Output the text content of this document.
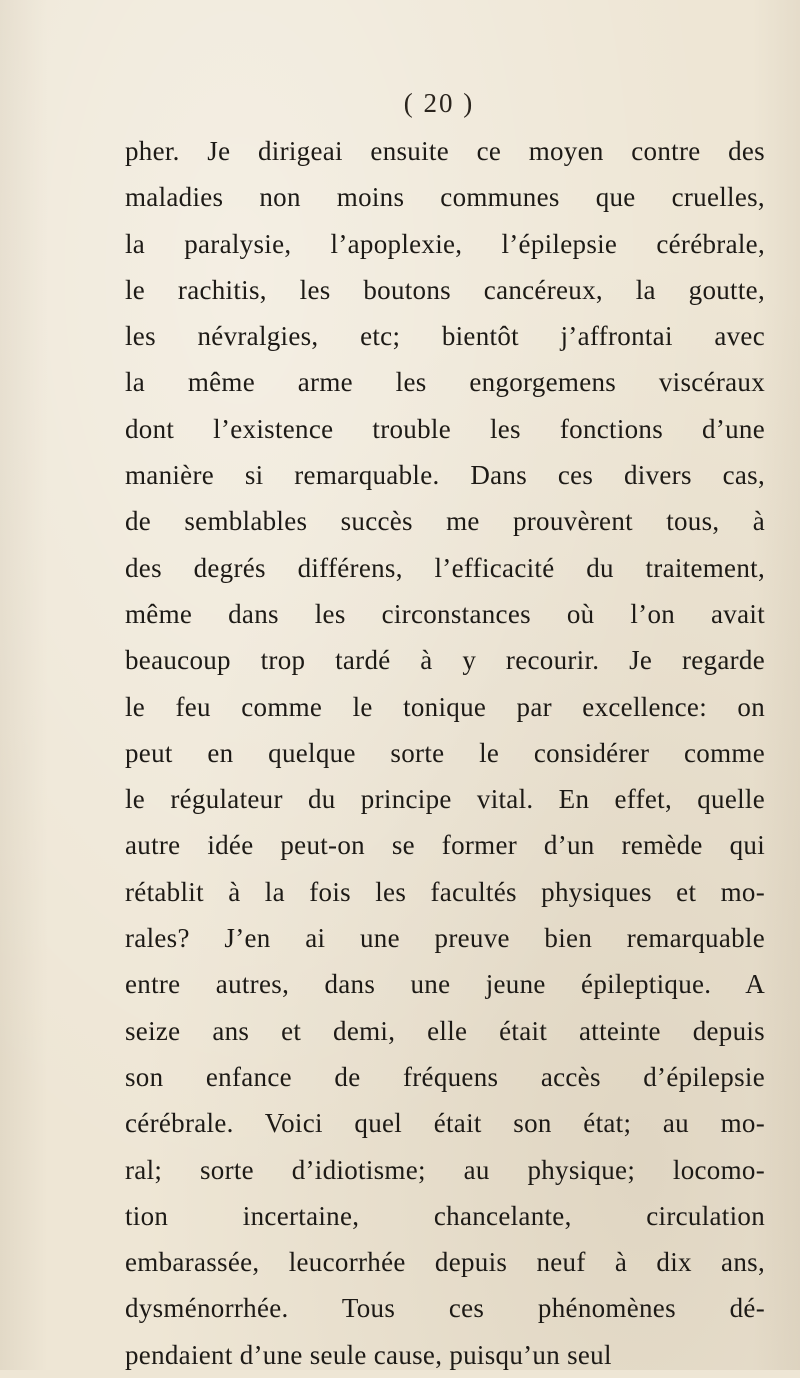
( 20 )
pher. Je dirigeai ensuite ce moyen contre des
maladies non moins communes que cruelles,
la paralysie, l’apoplexie, l’épilepsie cérébrale,
le rachitis, les boutons cancéreux, la goutte,
les névralgies, etc; bientôt j’affrontai avec
la même arme les engorgemens viscéraux
dont l’existence trouble les fonctions d’une
manière si remarquable. Dans ces divers cas,
de semblables succès me prouvèrent tous, à
des degrés différens, l’efficacité du traitement,
même dans les circonstances où l’on avait
beaucoup trop tardé à y recourir. Je regarde
le feu comme le tonique par excellence: on
peut en quelque sorte le considérer comme
le régulateur du principe vital. En effet, quelle
autre idée peut-on se former d’un remède qui
rétablit à la fois les facultés physiques et mo-
rales? J’en ai une preuve bien remarquable
entre autres, dans une jeune épileptique. A
seize ans et demi, elle était atteinte depuis
son enfance de fréquens accès d’épilepsie
cérébrale. Voici quel était son état; au mo-
ral; sorte d’idiotisme; au physique; locomo-
tion incertaine, chancelante, circulation
embarassée, leucorrhée depuis neuf à dix ans,
dysménorrhée. Tous ces phénomènes dé-
pendaient d’une seule cause, puisqu’un seul
